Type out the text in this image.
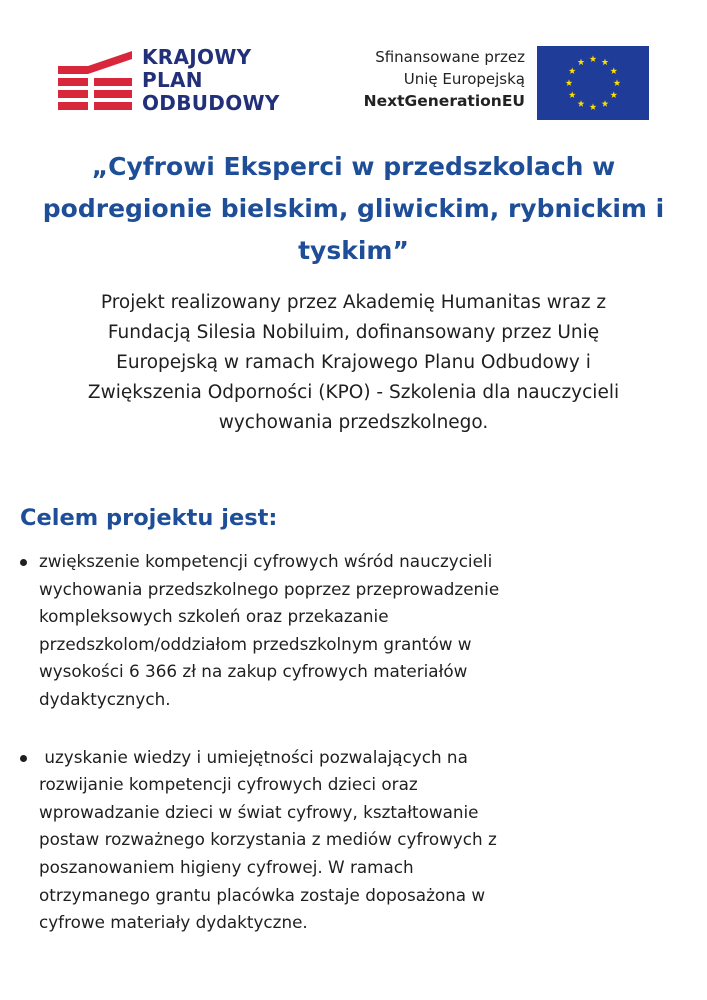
KRAJOWY
PLAN
ODBUDOWY
Sfinansowane przez
Unię Europejską
NextGenerationEU
„Cyfrowi Eksperci w przedszkolach w
podregionie bielskim, gliwickim, rybnickim i
tyskim”
Projekt realizowany przez Akademię Humanitas wraz z
Fundacją Silesia Nobiluim, dofinansowany przez Unię
Europejską w ramach Krajowego Planu Odbudowy i
Zwiększenia Odporności (KPO) - Szkolenia dla nauczycieli
wychowania przedszkolnego.
Celem projektu jest:
zwiększenie kompetencji cyfrowych wśród nauczycieli
wychowania przedszkolnego poprzez przeprowadzenie
kompleksowych szkoleń oraz przekazanie
przedszkolom/oddziałom przedszkolnym grantów w
wysokości 6 366 zł na zakup cyfrowych materiałów
dydaktycznych.
uzyskanie wiedzy i umiejętności pozwalających na
rozwijanie kompetencji cyfrowych dzieci oraz
wprowadzanie dzieci w świat cyfrowy, kształtowanie
postaw rozważnego korzystania z mediów cyfrowych z
poszanowaniem higieny cyfrowej. W ramach
otrzymanego grantu placówka zostaje doposażona w
cyfrowe materiały dydaktyczne.
